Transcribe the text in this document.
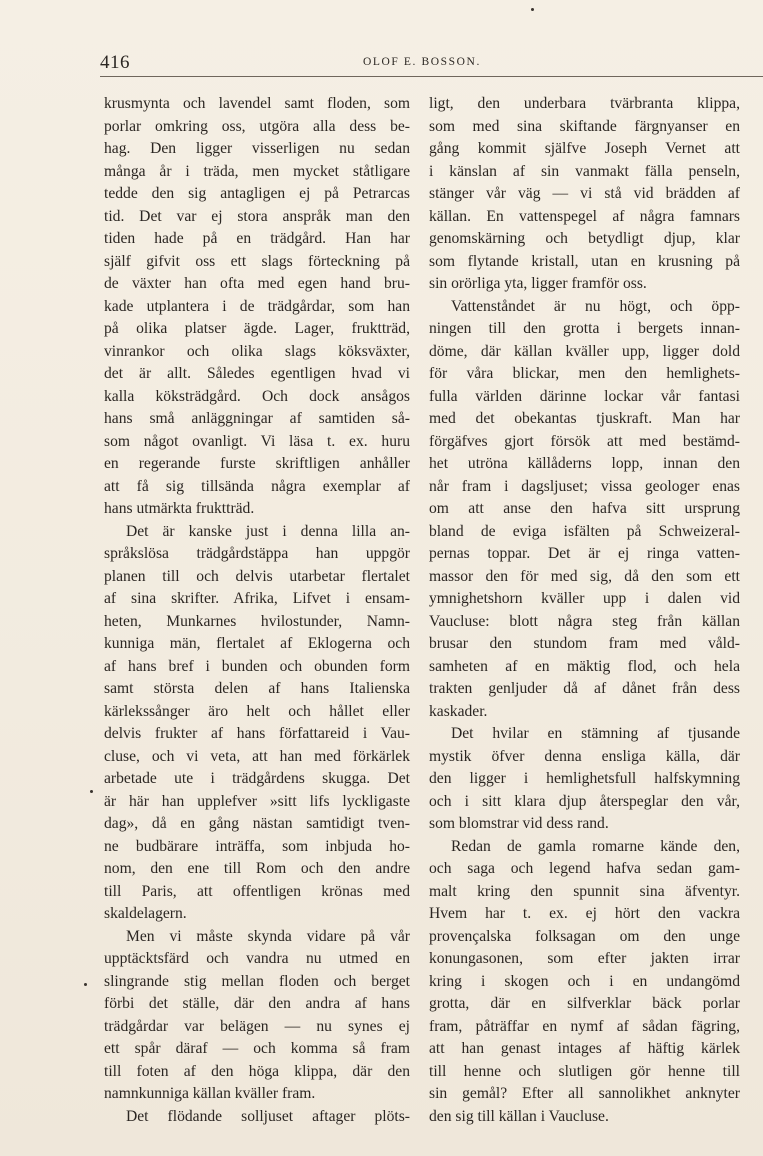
416	OLOF E. BOSSON.
krusmynta och lavendel samt floden, som
porlar omkring oss, utgöra alla dess be-
hag. Den ligger visserligen nu sedan
många år i träda, men mycket ståtligare
tedde den sig antagligen ej på Petrarcas
tid. Det var ej stora anspråk man den
tiden hade på en trädgård. Han har
själf gifvit oss ett slags förteckning på
de växter han ofta med egen hand bru-
kade utplantera i de trädgårdar, som han
på olika platser ägde. Lager, fruktträd,
vinrankor och olika slags köksväxter,
det är allt. Således egentligen hvad vi
kalla köksträdgård. Och dock ansågos
hans små anläggningar af samtiden så-
som något ovanligt. Vi läsa t. ex. huru
en regerande furste skriftligen anhåller
att få sig tillsända några exemplar af
hans utmärkta fruktträd.
Det är kanske just i denna lilla an-
språkslösa trädgårdstäppa han uppgör
planen till och delvis utarbetar flertalet
af sina skrifter. Afrika, Lifvet i ensam-
heten, Munkarnes hvilostunder, Namn-
kunniga män, flertalet af Eklogerna och
af hans bref i bunden och obunden form
samt största delen af hans Italienska
kärlekssånger äro helt och hållet eller
delvis frukter af hans författareid i Vau-
cluse, och vi veta, att han med förkärlek
arbetade ute i trädgårdens skugga. Det
är här han upplefver »sitt lifs lyckligaste
dag», då en gång nästan samtidigt tven-
ne budbärare inträffa, som inbjuda ho-
nom, den ene till Rom och den andre
till Paris, att offentligen krönas med
skaldelagern.
Men vi måste skynda vidare på vår
upptäcktsfärd och vandra nu utmed en
slingrande stig mellan floden och berget
förbi det ställe, där den andra af hans
trädgårdar var belägen — nu synes ej
ett spår däraf — och komma så fram
till foten af den höga klippa, där den
namnkunniga källan kväller fram.
Det flödande solljuset aftager plöts-
ligt, den underbara tvärbranta klippa,
som med sina skiftande färgnyanser en
gång kommit själfve Joseph Vernet att
i känslan af sin vanmakt fälla penseln,
stänger vår väg — vi stå vid brädden af
källan. En vattenspegel af några famnars
genomskärning och betydligt djup, klar
som flytande kristall, utan en krusning på
sin orörliga yta, ligger framför oss.
Vattenståndet är nu högt, och öpp-
ningen till den grotta i bergets innan-
döme, där källan kväller upp, ligger dold
för våra blickar, men den hemlighets-
fulla världen därinne lockar vår fantasi
med det obekantas tjuskraft. Man har
förgäfves gjort försök att med bestämd-
het utröna källåderns lopp, innan den
når fram i dagsljuset; vissa geologer enas
om att anse den hafva sitt ursprung
bland de eviga isfälten på Schweizeral-
pernas toppar. Det är ej ringa vatten-
massor den för med sig, då den som ett
ymnighetshorn kväller upp i dalen vid
Vaucluse: blott några steg från källan
brusar den stundom fram med våld-
samheten af en mäktig flod, och hela
trakten genljuder då af dånet från dess
kaskader.
Det hvilar en stämning af tjusande
mystik öfver denna ensliga källa, där
den ligger i hemlighetsfull halfskymning
och i sitt klara djup återspeglar den vår,
som blomstrar vid dess rand.
Redan de gamla romarne kände den,
och saga och legend hafva sedan gam-
malt kring den spunnit sina äfventyr.
Hvem har t. ex. ej hört den vackra
provençalska folksagan om den unge
konungasonen, som efter jakten irrar
kring i skogen och i en undangömd
grotta, där en silfverklar bäck porlar
fram, påträffar en nymf af sådan fägring,
att han genast intages af häftig kärlek
till henne och slutligen gör henne till
sin gemål? Efter all sannolikhet anknyter
den sig till källan i Vaucluse.
